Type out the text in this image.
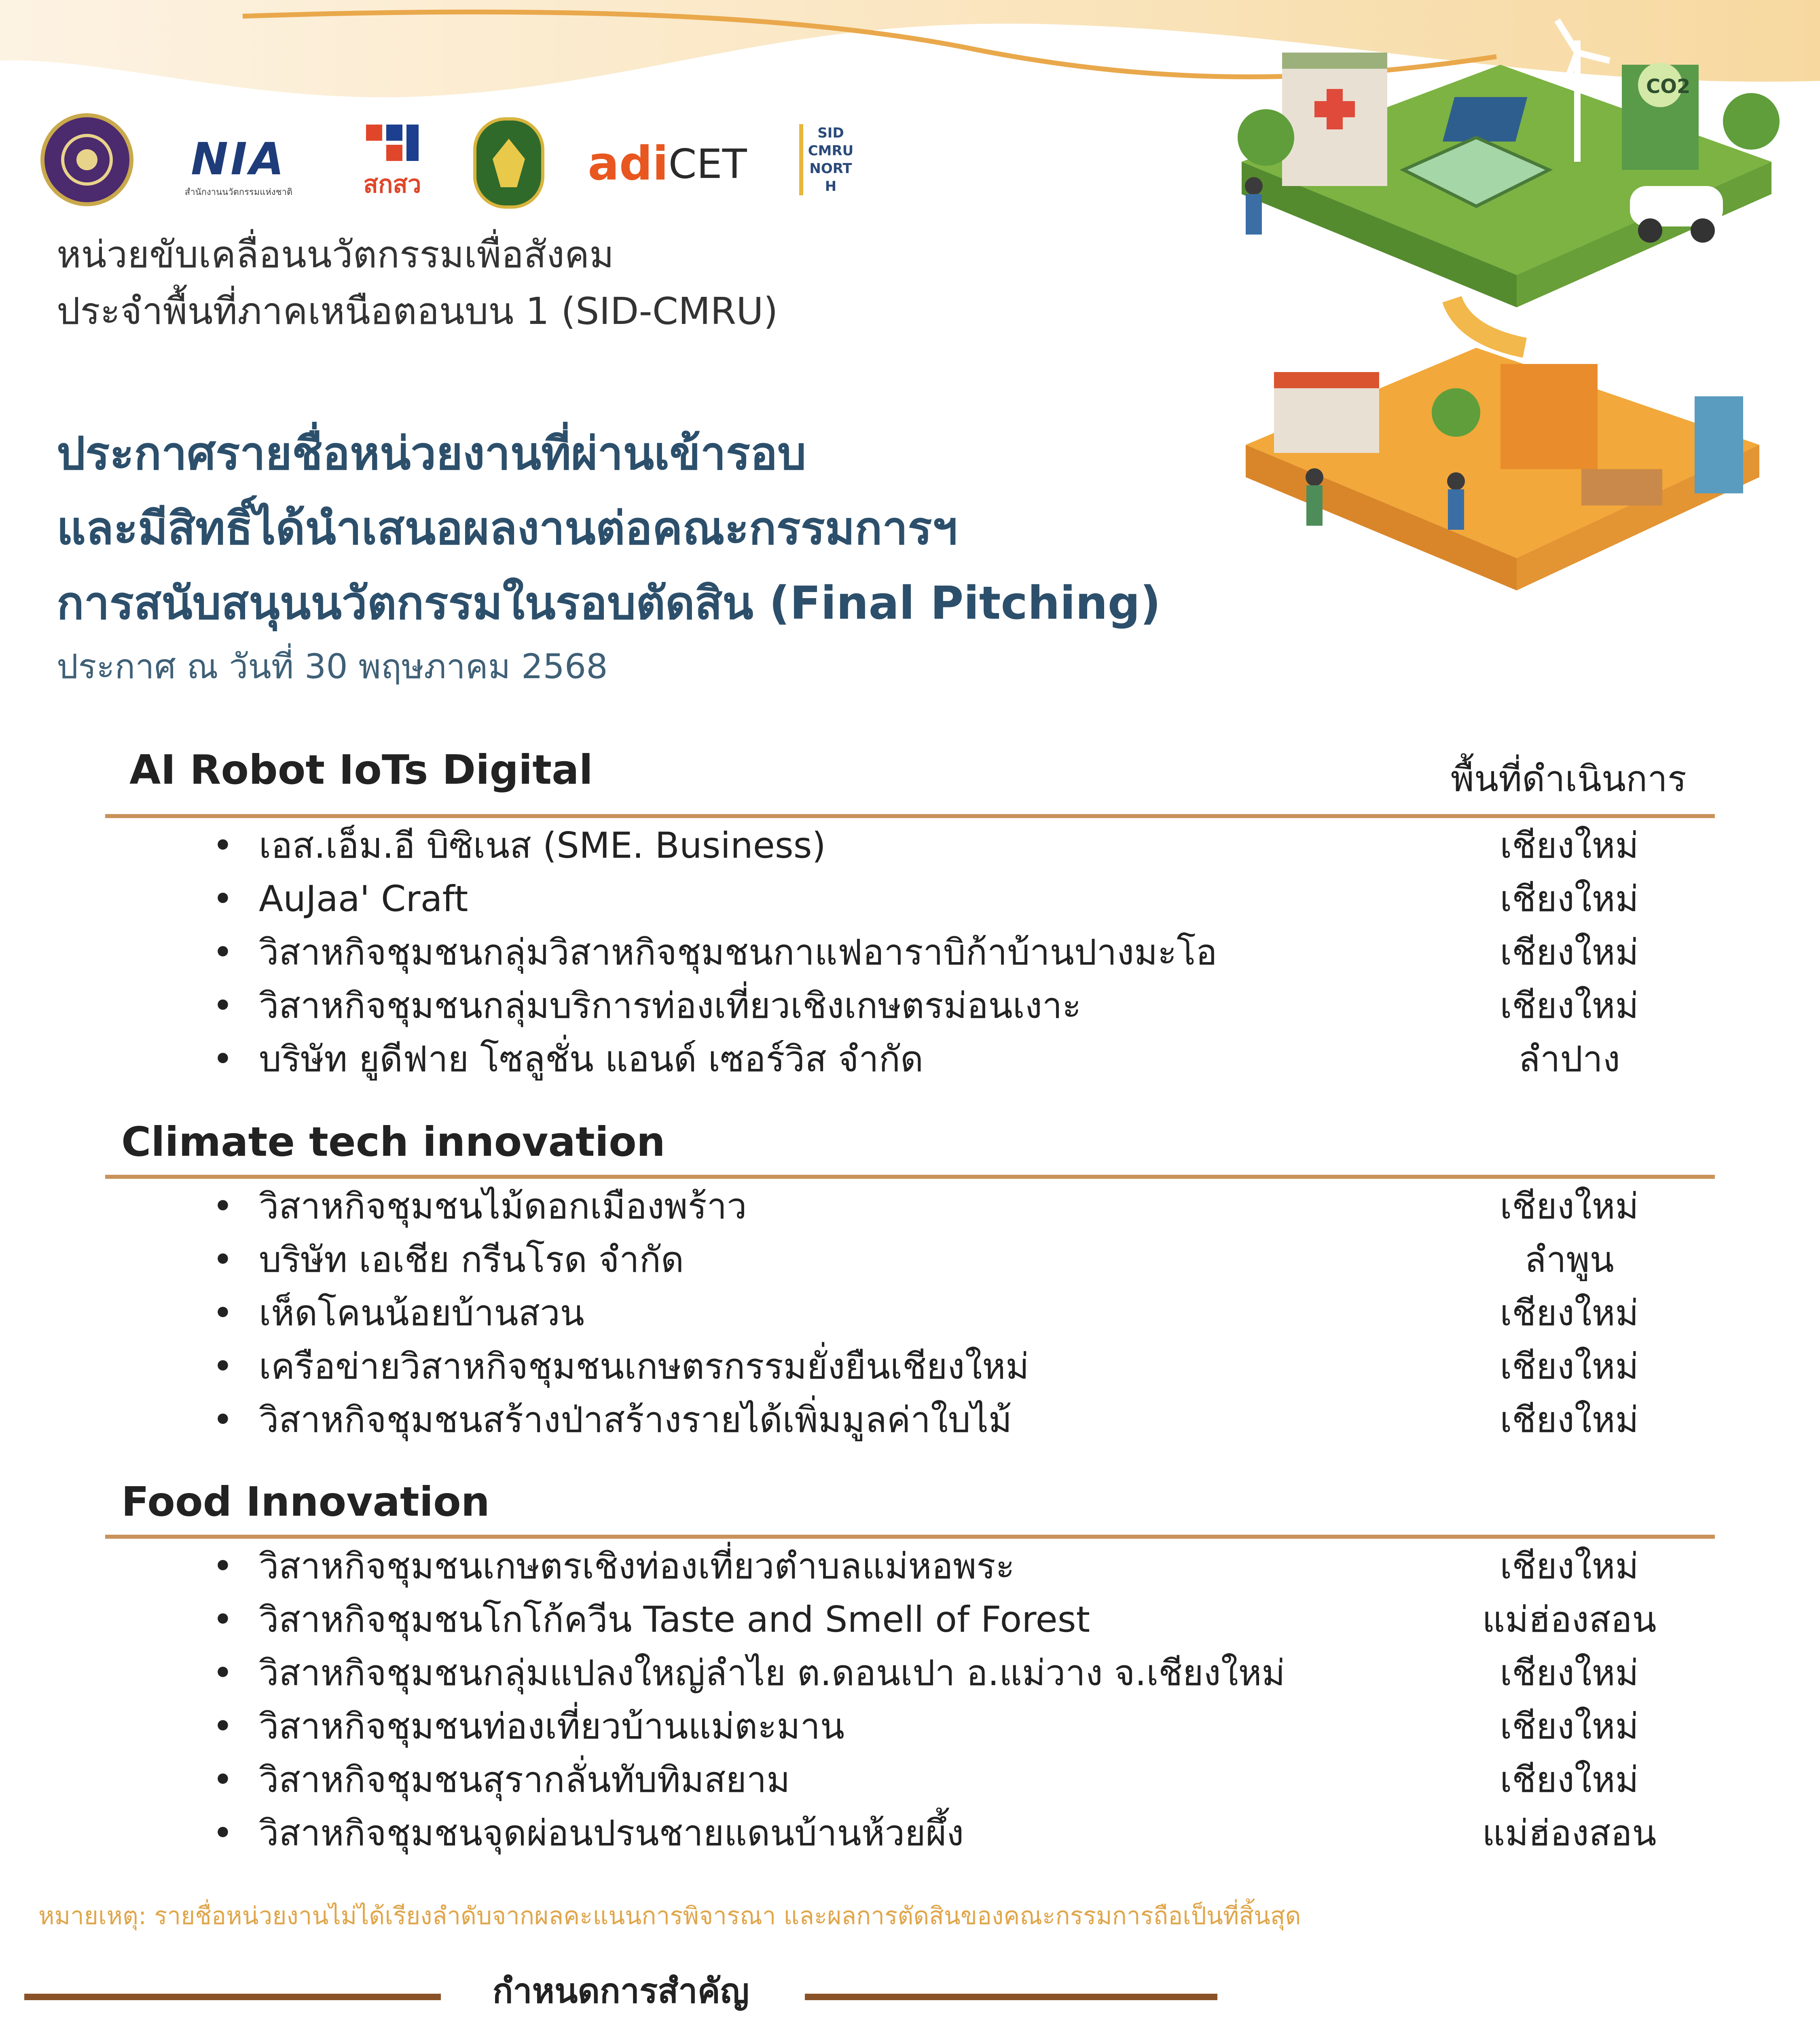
NIA
สำนักงานนวัตกรรมแห่งชาติ	สกสว	adi CET
SID CMRU NORTH
CO2
หน่วยขับเคลื่อนนวัตกรรมเพื่อสังคม
ประจำพื้นที่ภาคเหนือตอนบน 1 (SID-CMRU)
ประกาศรายชื่อหน่วยงานที่ผ่านเข้ารอบ
และมีสิทธิ์ได้นำเสนอผลงานต่อคณะกรรมการฯ
การสนับสนุนนวัตกรรมในรอบตัดสิน (Final Pitching)
ประกาศ ณ วันที่ 30 พฤษภาคม 2568
AI Robot IoTs Digital	พื้นที่ดำเนินการ
• เอส.เอ็ม.อี บิซิเนส (SME. Business)	เชียงใหม่
• AuJaa' Craft	เชียงใหม่
• วิสาหกิจชุมชนกลุ่มวิสาหกิจชุมชนกาแฟอาราบิก้าบ้านปางมะโอ	เชียงใหม่
• วิสาหกิจชุมชนกลุ่มบริการท่องเที่ยวเชิงเกษตรม่อนเงาะ	เชียงใหม่
• บริษัท ยูดีฟาย โซลูชั่น แอนด์ เซอร์วิส จำกัด	ลำปาง
Climate tech innovation
• วิสาหกิจชุมชนไม้ดอกเมืองพร้าว	เชียงใหม่
• บริษัท เอเชีย กรีนโรด จำกัด	ลำพูน
• เห็ดโคนน้อยบ้านสวน	เชียงใหม่
• เครือข่ายวิสาหกิจชุมชนเกษตรกรรมยั่งยืนเชียงใหม่	เชียงใหม่
• วิสาหกิจชุมชนสร้างป่าสร้างรายได้เพิ่มมูลค่าใบไม้	เชียงใหม่
Food Innovation
• วิสาหกิจชุมชนเกษตรเชิงท่องเที่ยวตำบลแม่หอพระ	เชียงใหม่
• วิสาหกิจชุมชนโกโก้ควีน Taste and Smell of Forest	แม่ฮ่องสอน
• วิสาหกิจชุมชนกลุ่มแปลงใหญ่ลำไย ต.ดอนเปา อ.แม่วาง จ.เชียงใหม่	เชียงใหม่
• วิสาหกิจชุมชนท่องเที่ยวบ้านแม่ตะมาน	เชียงใหม่
• วิสาหกิจชุมชนสุรากลั่นทับทิมสยาม	เชียงใหม่
• วิสาหกิจชุมชนจุดผ่อนปรนชายแดนบ้านห้วยผึ้ง	แม่ฮ่องสอน
หมายเหตุ: รายชื่อหน่วยงานไม่ได้เรียงลำดับจากผลคะแนนการพิจารณา และผลการตัดสินของคณะกรรมการถือเป็นที่สิ้นสุด
กำหนดการสำคัญ
